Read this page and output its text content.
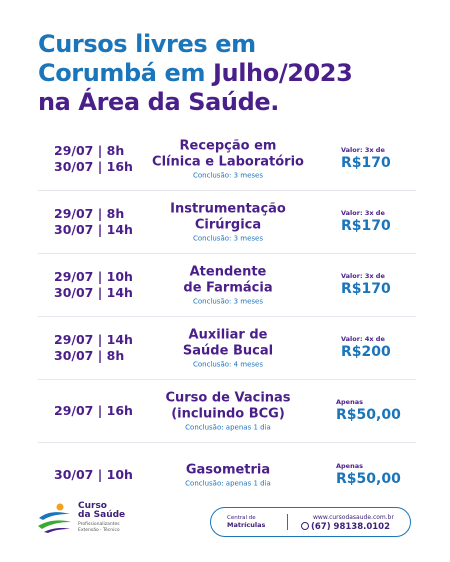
Cursos livres em
Corumbá em Julho/2023
na Área da Saúde.
29/07 | 8h
30/07 | 16h
Recepção em
Clínica e Laboratório
Conclusão: 3 meses
Valor: 3x de
R$170
29/07 | 8h
30/07 | 14h
Instrumentação
Cirúrgica
Conclusão: 3 meses
Valor: 3x de
R$170
29/07 | 10h
30/07 | 14h
Atendente
de Farmácia
Conclusão: 3 meses
Valor: 3x de
R$170
29/07 | 14h
30/07 | 8h
Auxiliar de
Saúde Bucal
Conclusão: 4 meses
Valor: 4x de
R$200
29/07 | 16h
Curso de Vacinas
(incluindo BCG)
Conclusão: apenas 1 dia
Apenas
R$50,00
30/07 | 10h	Gasometria
Conclusão: apenas 1 dia
Apenas
R$50,00
Curso
da Saúde
Profissionalizantes
Extensão · Técnico
Central de
Matrículas
www.cursodasaude.com.br
(67) 98138.0102
